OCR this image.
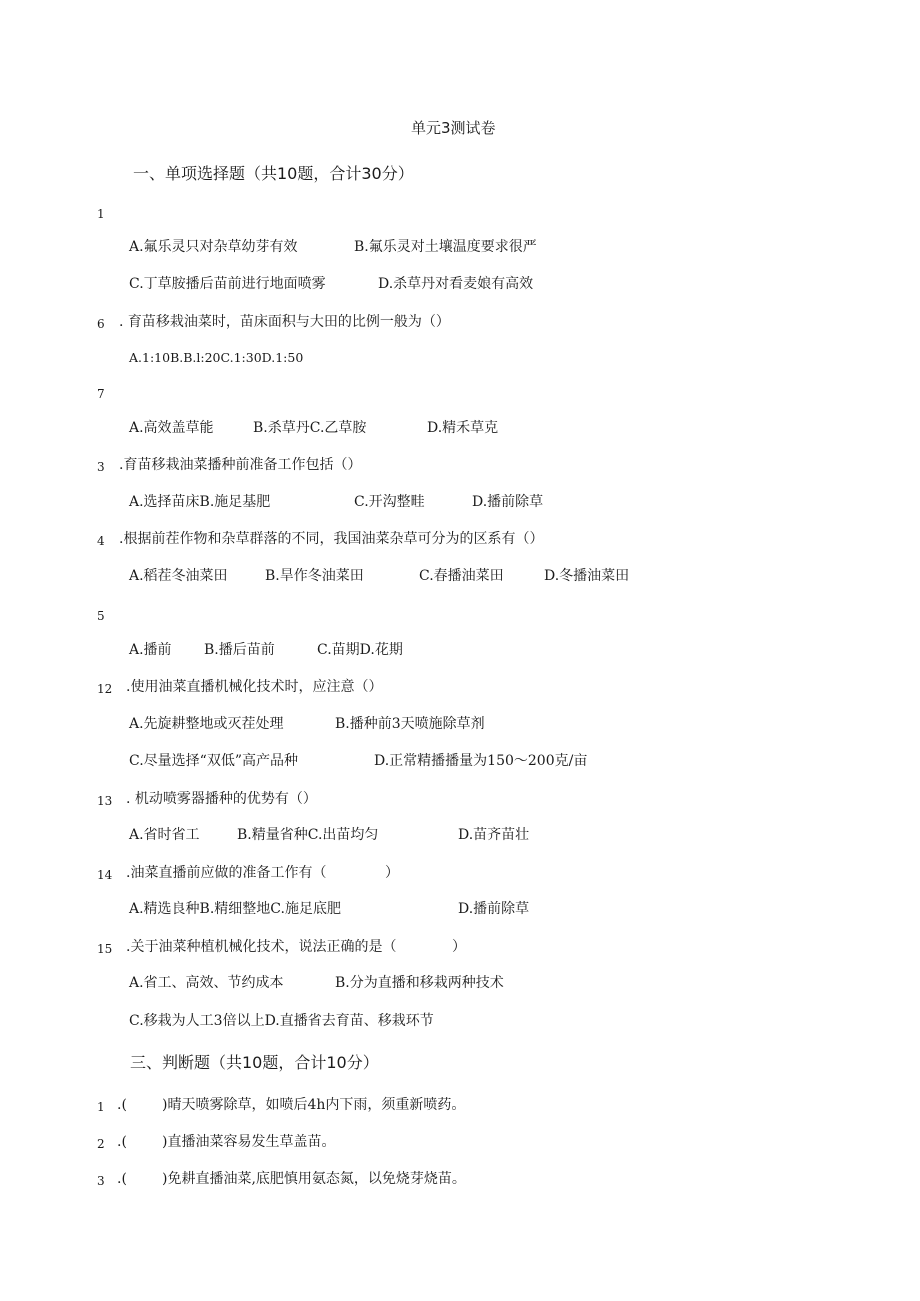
单元3测试卷
一、单项选择题（共10题，合计30分）
1
A.氟乐灵只对杂草幼芽有效	B.氟乐灵对土壤温度要求很严
C.丁草胺播后苗前进行地面喷雾	D.杀草丹对看麦娘有高效
6 . 育苗移栽油菜时，苗床面积与大田的比例一般为（）
A.1:10B.B.l:20C.1:30D.1:50
7
A.高效盖草能	B.杀草丹C.乙草胺	D.精禾草克
3 .育苗移栽油菜播种前准备工作包括（）
A.选择苗床B.施足基肥	C.开沟整畦	D.播前除草
4 .根据前茬作物和杂草群落的不同，我国油菜杂草可分为的区系有（）
A.稻茬冬油菜田	B.旱作冬油菜田	C.春播油菜田	D.冬播油菜田
5
A.播前 B.播后苗前	C.苗期D.花期
12 .使用油菜直播机械化技术时，应注意（）
A.先旋耕整地或灭茬处理	B.播种前3天喷施除草剂
C.尽量选择“双低”高产品种	D.正常精播播量为150～200克/亩
13 . 机动喷雾器播种的优势有（）
A.省时省工	B.精量省种C.出苗均匀	D.苗齐苗壮
14 .油菜直播前应做的准备工作有（	）
A.精选良种B.精细整地C.施足底肥	D.播前除草
15 .关于油菜种植机械化技术，说法正确的是（	）
A.省工、高效、节约成本	B.分为直播和移栽两种技术
C.移栽为人工3倍以上D.直播省去育苗、移栽环节
三、判断题（共10题，合计10分）
1 .(	)晴天喷雾除草，如喷后4h内下雨，须重新喷药。
2 .(	)直播油菜容易发生草盖苗。
3 .(	)免耕直播油菜,底肥慎用氨态氮，以免烧芽烧苗。
